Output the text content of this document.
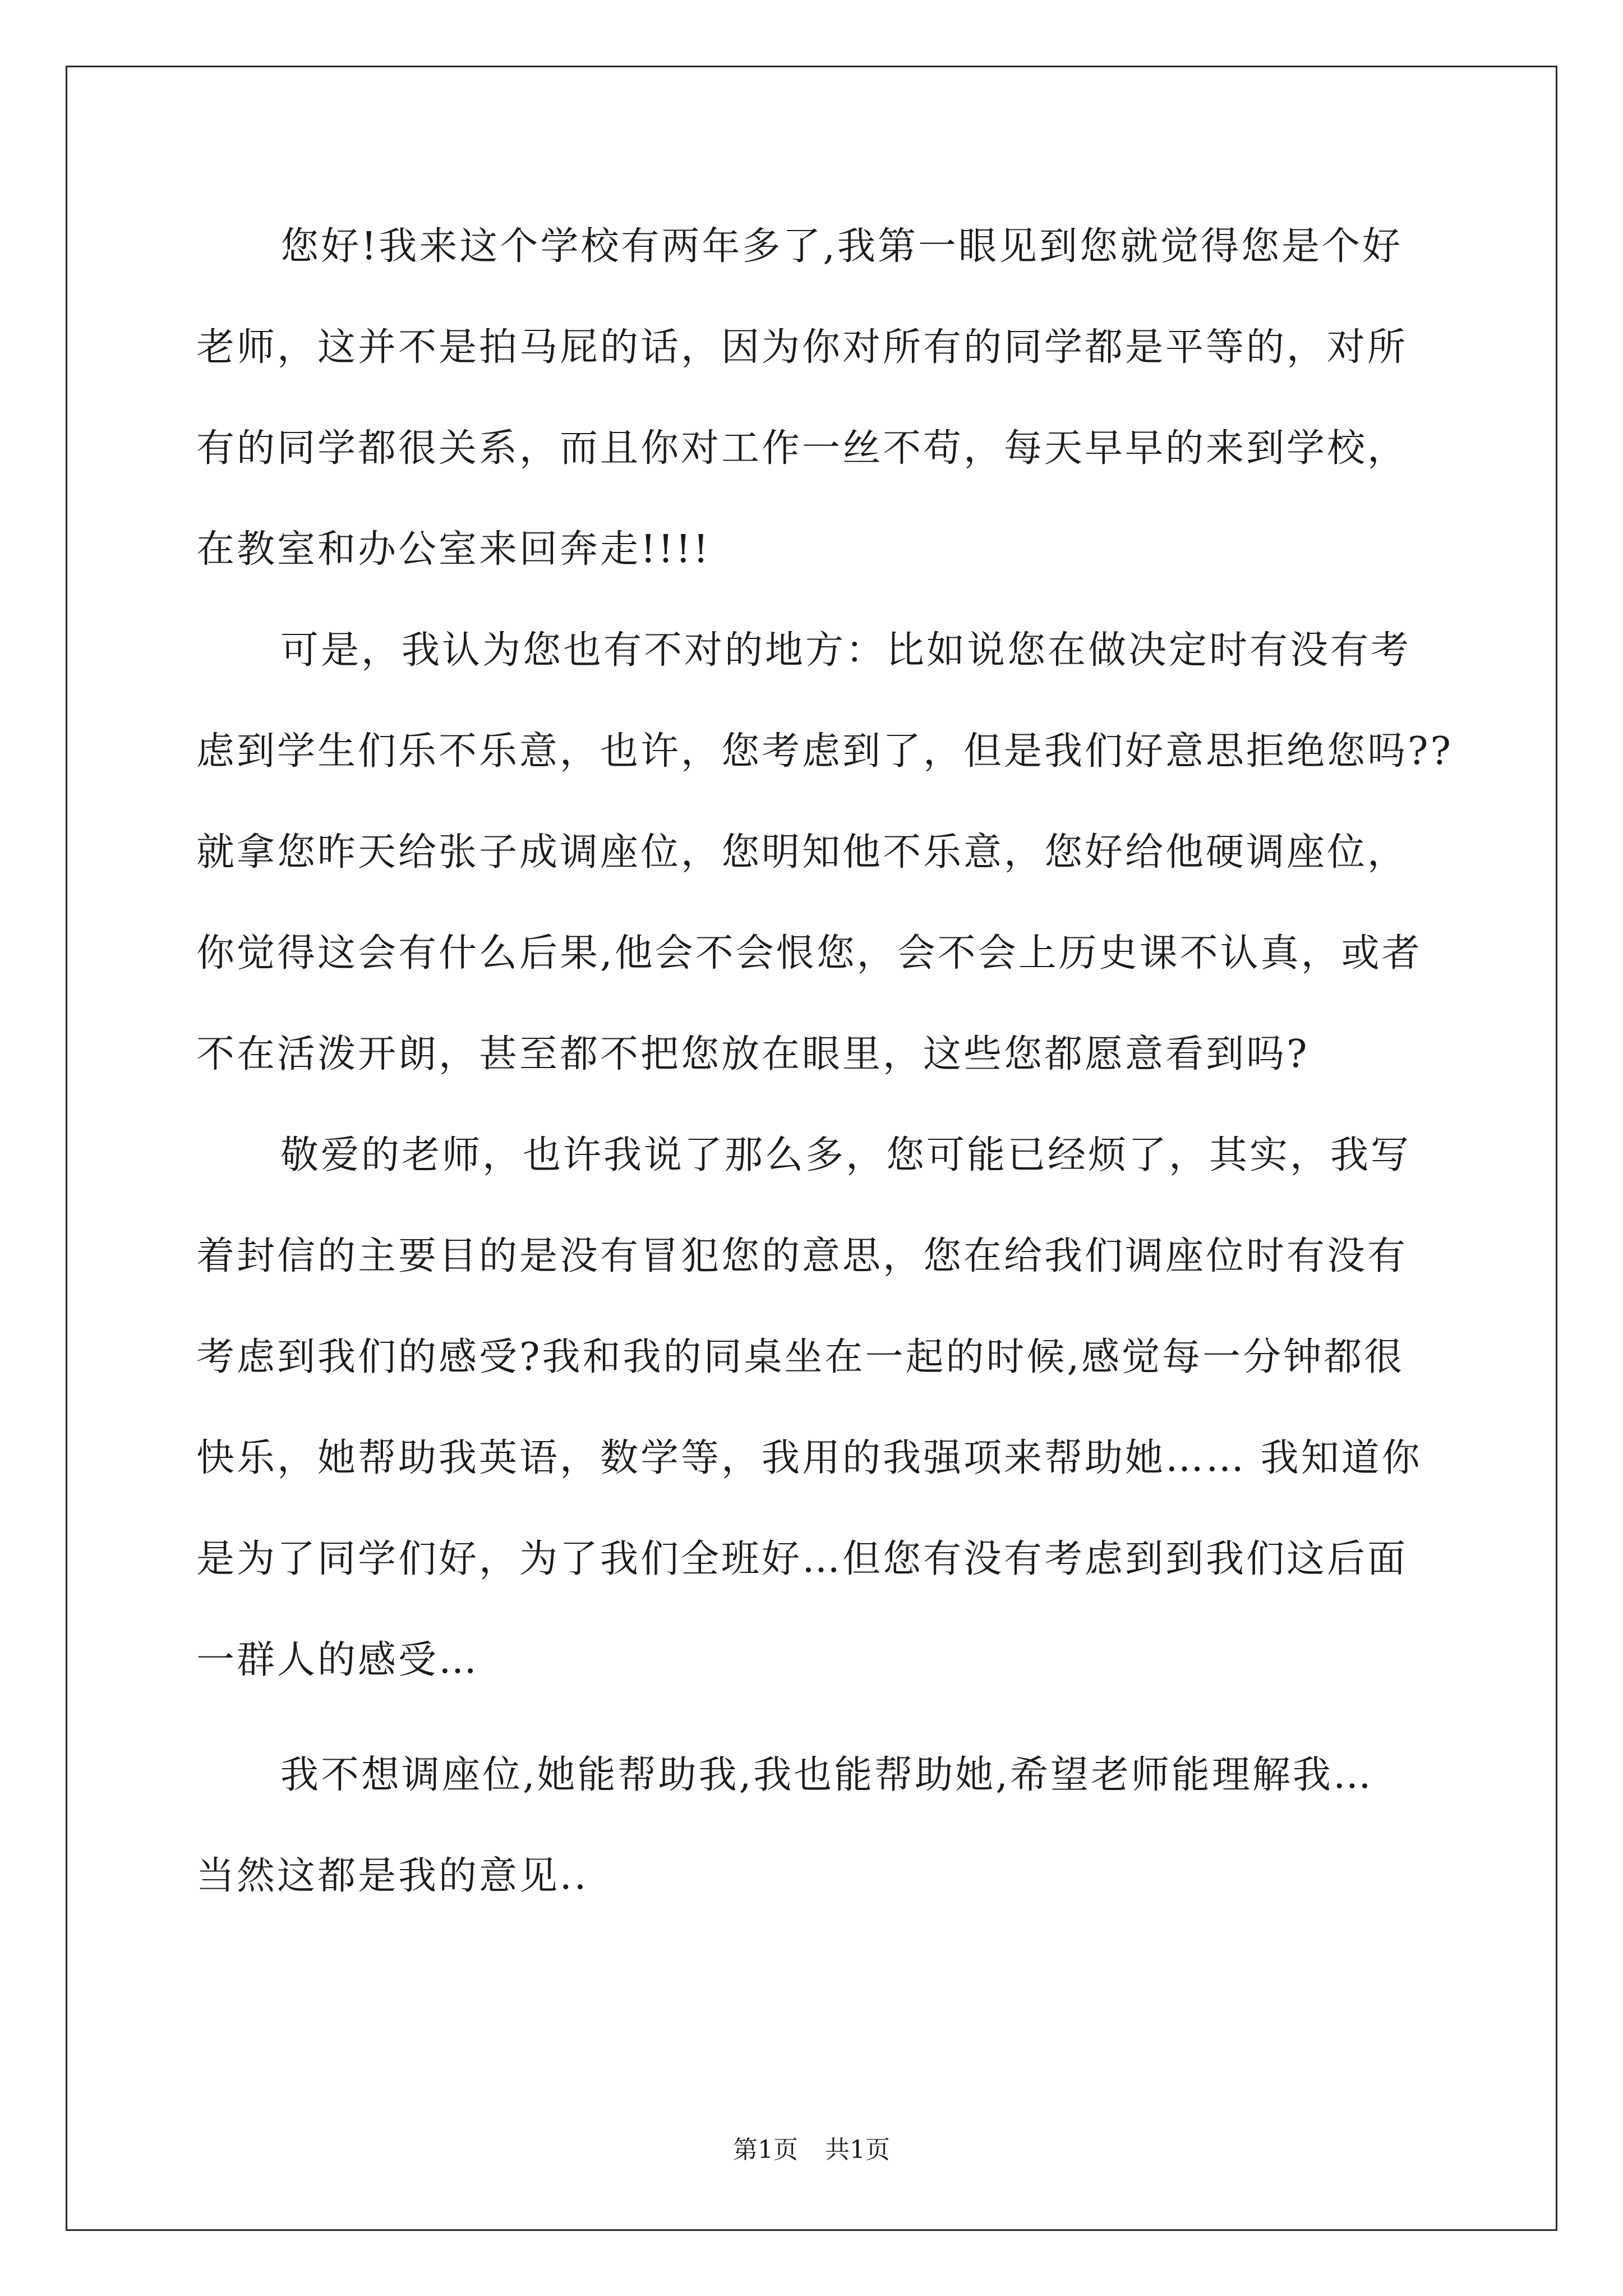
您好!我来这个学校有两年多了,我第一眼见到您就觉得您是个好
老师，这并不是拍马屁的话，因为你对所有的同学都是平等的，对所
有的同学都很关系，而且你对工作一丝不苟，每天早早的来到学校，
在教室和办公室来回奔走!!!!
可是，我认为您也有不对的地方：比如说您在做决定时有没有考
虑到学生们乐不乐意，也许，您考虑到了，但是我们好意思拒绝您吗??
就拿您昨天给张子成调座位，您明知他不乐意，您好给他硬调座位，
你觉得这会有什么后果,他会不会恨您，会不会上历史课不认真，或者
不在活泼开朗，甚至都不把您放在眼里，这些您都愿意看到吗?
敬爱的老师，也许我说了那么多，您可能已经烦了，其实，我写
着封信的主要目的是没有冒犯您的意思，您在给我们调座位时有没有
考虑到我们的感受?我和我的同桌坐在一起的时候,感觉每一分钟都很
快乐，她帮助我英语，数学等，我用的我强项来帮助她…… 我知道你
是为了同学们好，为了我们全班好…但您有没有考虑到到我们这后面
一群人的感受…
我不想调座位,她能帮助我,我也能帮助她,希望老师能理解我…
当然这都是我的意见..
第1页 共1页
